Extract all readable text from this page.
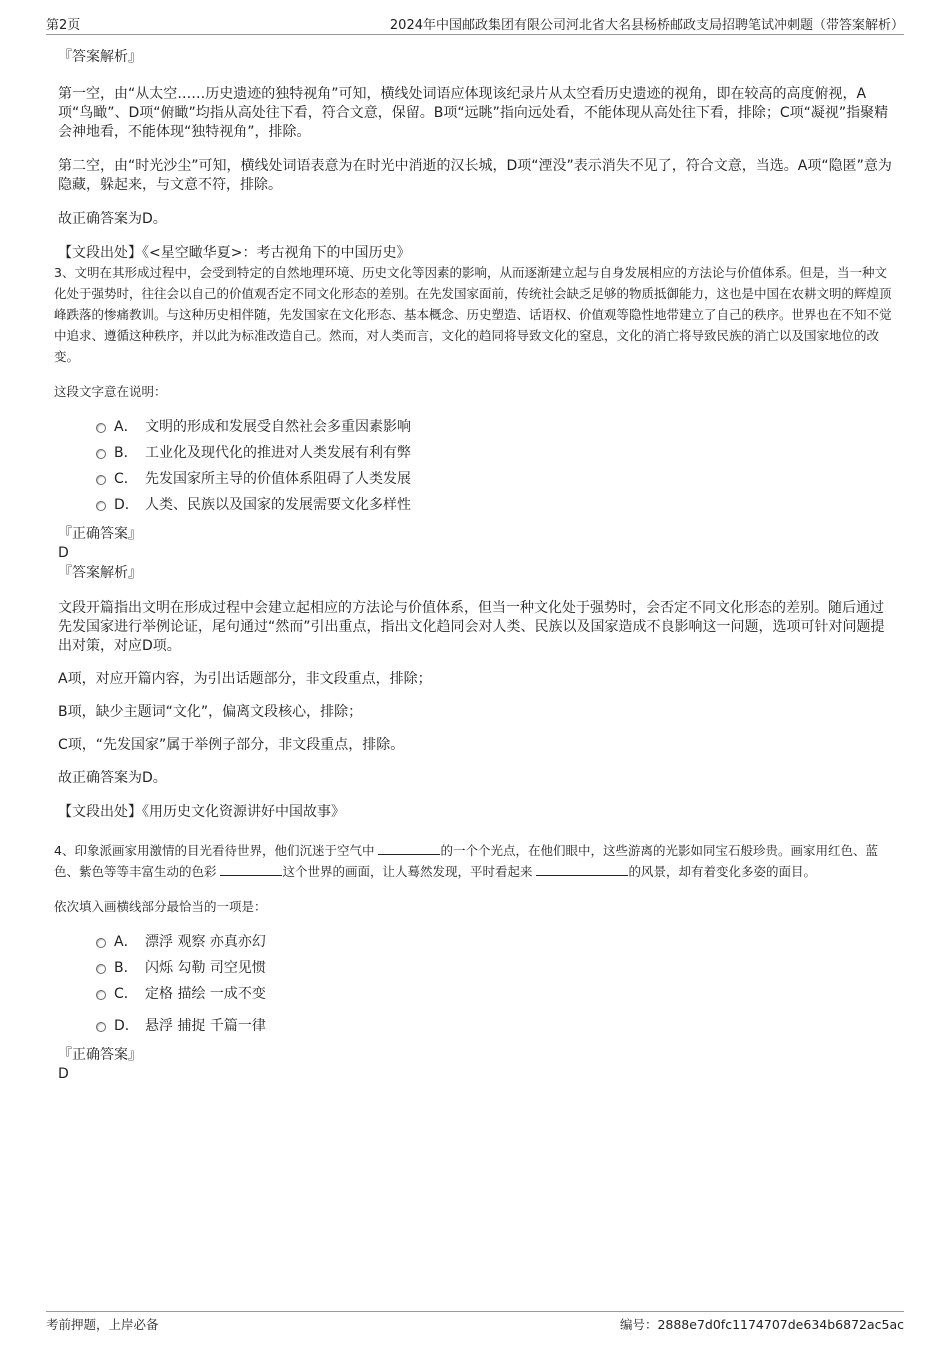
第2页	2024年中国邮政集团有限公司河北省大名县杨桥邮政支局招聘笔试冲刺题（带答案解析）

『答案解析』

第一空，由“从太空……历史遗迹的独特视角”可知，横线处词语应体现该纪录片从太空看历史遗迹的视角，即在较高的高度俯视，A项“鸟瞰”、D项“俯瞰”均指从高处往下看，符合文意，保留。B项“远眺”指向远处看，不能体现从高处往下看，排除；C项“凝视”指聚精会神地看，不能体现“独特视角”，排除。

第二空，由“时光沙尘”可知，横线处词语表意为在时光中消逝的汉长城，D项“湮没”表示消失不见了，符合文意，当选。A项“隐匿”意为隐藏，躲起来，与文意不符，排除。

故正确答案为D。

【文段出处】《<星空瞰华夏>：考古视角下的中国历史》

3、文明在其形成过程中，会受到特定的自然地理环境、历史文化等因素的影响，从而逐渐建立起与自身发展相应的方法论与价值体系。但是，当一种文化处于强势时，往往会以自己的价值观否定不同文化形态的差别。在先发国家面前，传统社会缺乏足够的物质抵御能力，这也是中国在农耕文明的辉煌顶峰跌落的惨痛教训。与这种历史相伴随，先发国家在文化形态、基本概念、历史塑造、话语权、价值观等隐性地带建立了自己的秩序。世界也在不知不觉中追求、遵循这种秩序，并以此为标准改造自己。然而，对人类而言，文化的趋同将导致文化的窒息，文化的消亡将导致民族的消亡以及国家地位的改变。

这段文字意在说明：

A． 文明的形成和发展受自然社会多重因素影响
B． 工业化及现代化的推进对人类发展有利有弊
C． 先发国家所主导的价值体系阻碍了人类发展
D． 人类、民族以及国家的发展需要文化多样性

『正确答案』

D

『答案解析』

文段开篇指出文明在形成过程中会建立起相应的方法论与价值体系，但当一种文化处于强势时，会否定不同文化形态的差别。随后通过先发国家进行举例论证，尾句通过“然而”引出重点，指出文化趋同会对人类、民族以及国家造成不良影响这一问题，选项可针对问题提出对策，对应D项。

A项，对应开篇内容，为引出话题部分，非文段重点，排除；

B项，缺少主题词“文化”，偏离文段核心，排除；

C项，“先发国家”属于举例子部分，非文段重点，排除。

故正确答案为D。

【文段出处】《用历史文化资源讲好中国故事》

4、印象派画家用激情的目光看待世界，他们沉迷于空气中	的一个个光点，在他们眼中，这些游离的光影如同宝石般珍贵。画家用红色、蓝色、紫色等等丰富生动的色彩	这个世界的画面，让人蓦然发现，平时看起来	的风景，却有着变化多姿的面目。

依次填入画横线部分最恰当的一项是：

A． 漂浮 观察 亦真亦幻
B． 闪烁 勾勒 司空见惯
C． 定格 描绘 一成不变
D． 悬浮 捕捉 千篇一律

『正确答案』

D

考前押题，上岸必备	编号：2888e7d0fc1174707de634b6872ac5ac
